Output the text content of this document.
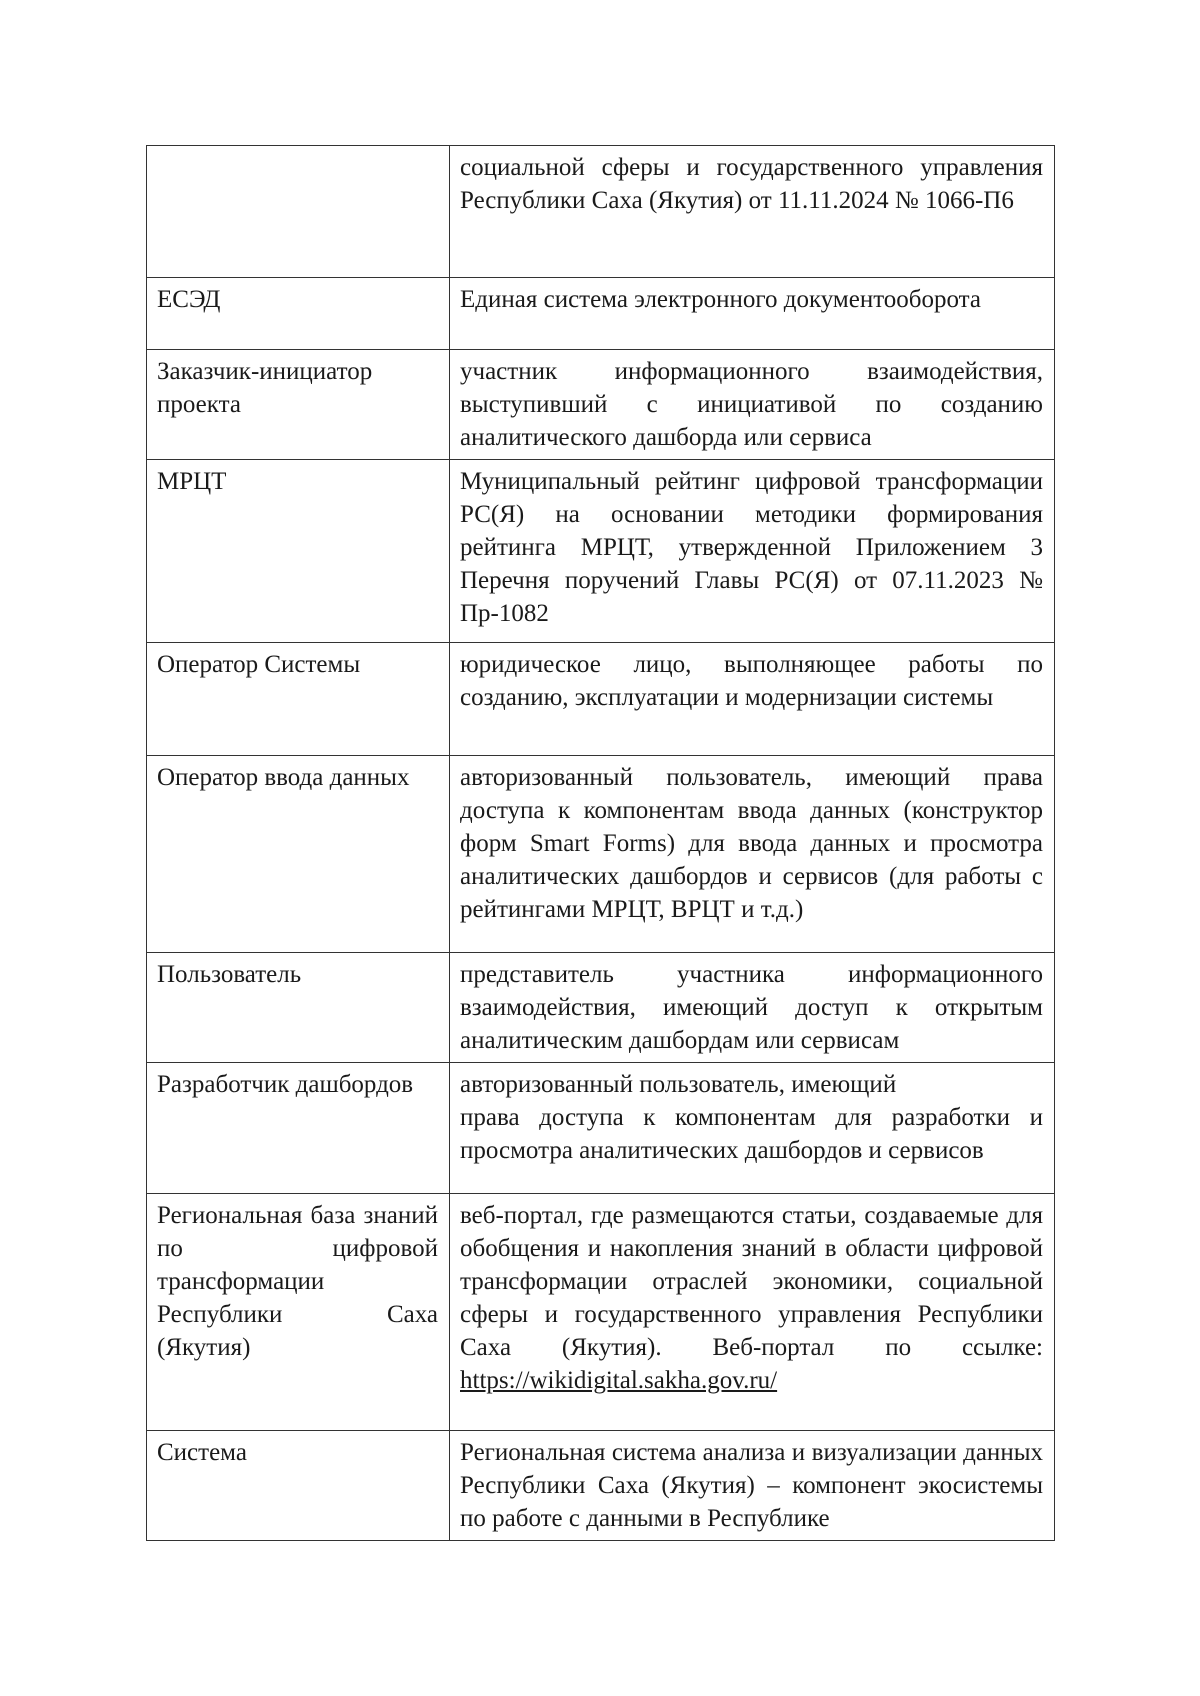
	социальной сферы и государственного управления Республики Саха (Якутия) от 11.11.2024 № 1066-П6
ЕСЭД	Единая система электронного документооборота
Заказчик-инициатор проекта	участник информационного взаимодействия, выступивший с инициативой по созданию аналитического дашборда или сервиса
МРЦТ	Муниципальный рейтинг цифровой трансформации РС(Я) на основании методики формирования рейтинга МРЦТ, утвержденной Приложением 3 Перечня поручений Главы РС(Я) от 07.11.2023 № Пр-1082
Оператор Системы	юридическое лицо, выполняющее работы по созданию, эксплуатации и модернизации системы
Оператор ввода данных	авторизованный пользователь, имеющий права доступа к компонентам ввода данных (конструктор форм Smart Forms) для ввода данных и просмотра аналитических дашбордов и сервисов (для работы с рейтингами МРЦТ, ВРЦТ и т.д.)
Пользователь	представитель участника информационного взаимодействия, имеющий доступ к открытым аналитическим дашбордам или сервисам
Разработчик дашбордов	авторизованный пользователь, имеющий
права доступа к компонентам для разработки и просмотра аналитических дашбордов и сервисов

Региональная база знаний по цифровой трансформации Республики Саха (Якутия)	веб-портал, где размещаются статьи, создаваемые для обобщения и накопления знаний в области цифровой трансформации отраслей экономики, социальной сферы и государственного управления Республики Саха (Якутия). Веб-портал по ссылке: https://wikidigital.sakha.gov.ru/
Система	Региональная система анализа и визуализации данных Республики Саха (Якутия) – компонент экосистемы по работе с данными в Республике
